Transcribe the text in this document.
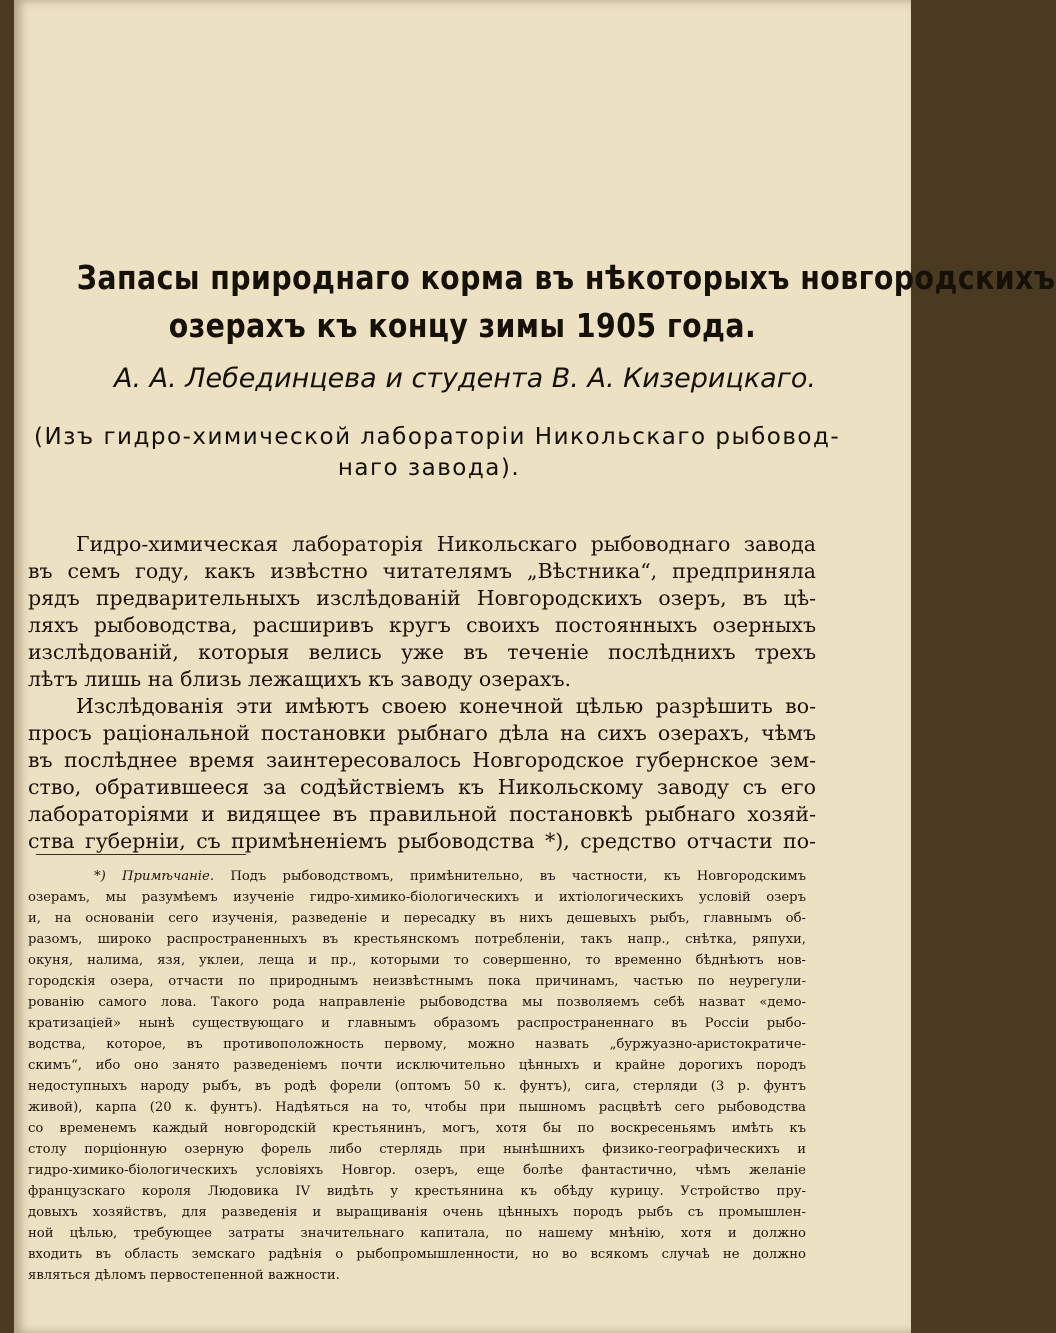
Запасы природнаго корма въ нѣкоторыхъ новгородскихъ
озерахъ къ концу зимы 1905 года.
А. А. Лебединцева и студента В. А. Кизерицкаго.
(Изъ гидро-химической лабораторіи Никольскаго рыбовод-
наго завода).
Гидро-химическая лабораторія Никольскаго рыбоводнаго завода
въ семъ году, какъ извѣстно читателямъ „Вѣстника“, предприняла
рядъ предварительныхъ изслѣдованій Новгородскихъ озеръ, въ цѣ-
ляхъ рыбоводства, расширивъ кругъ своихъ постоянныхъ озерныхъ
изслѣдованій, которыя велись уже въ теченіе послѣднихъ трехъ
лѣтъ лишь на близь лежащихъ къ заводу озерахъ.
Изслѣдованія эти имѣютъ своею конечной цѣлью разрѣшить во-
просъ раціональной постановки рыбнаго дѣла на сихъ озерахъ, чѣмъ
въ послѣднее время заинтересовалось Новгородское губернское зем-
ство, обратившееся за содѣйствіемъ къ Никольскому заводу съ его
лабораторіями и видящее въ правильной постановкѣ рыбнаго хозяй-
ства губерніи, съ примѣненіемъ рыбоводства *), средство отчасти по-
*) Примѣчаніе. Подъ рыбоводствомъ, примѣнительно, въ частности, къ Новгородскимъ
озерамъ, мы разумѣемъ изученіе гидро-химико-біологическихъ и ихтіологическихъ условій озеръ
и, на основаніи сего изученія, разведеніе и пересадку въ нихъ дешевыхъ рыбъ, главнымъ об-
разомъ, широко распространенныхъ въ крестьянскомъ потребленіи, такъ напр., снѣтка, ряпухи,
окуня, налима, язя, уклеи, леща и пр., которыми то совершенно, то временно бѣднѣютъ нов-
городскія озера, отчасти по природнымъ неизвѣстнымъ пока причинамъ, частью по неурегули-
рованію самого лова. Такого рода направленіе рыбоводства мы позволяемъ себѣ назват «демо-
кратизаціей» нынѣ существующаго и главнымъ образомъ распространеннаго въ Россіи рыбо-
водства, которое, въ противоположность первому, можно назвать „буржуазно-аристократиче-
скимъ“, ибо оно занято разведеніемъ почти исключительно цѣнныхъ и крайне дорогихъ породъ
недоступныхъ народу рыбъ, въ родѣ форели (оптомъ 50 к. фунтъ), сига, стерляди (3 р. фунтъ
живой), карпа (20 к. фунтъ). Надѣяться на то, чтобы при пышномъ расцвѣтѣ сего рыбоводства
со временемъ каждый новгородскій крестьянинъ, могъ, хотя бы по воскресеньямъ имѣть къ
столу порціонную озерную форель либо стерлядь при нынѣшнихъ физико-географическихъ и
гидро-химико-біологическихъ условіяхъ Новгор. озеръ, еще болѣе фантастично, чѣмъ желаніе
французскаго короля Людовика IV видѣть у крестьянина къ обѣду курицу. Устройство пру-
довыхъ хозяйствъ, для разведенія и выращиванія очень цѣнныхъ породъ рыбъ съ промышлен-
ной цѣлью, требующее затраты значительнаго капитала, по нашему мнѣнію, хотя и должно
входить въ область земскаго радѣнія о рыбопромышленности, но во всякомъ случаѣ не должно
являться дѣломъ первостепенной важности.
